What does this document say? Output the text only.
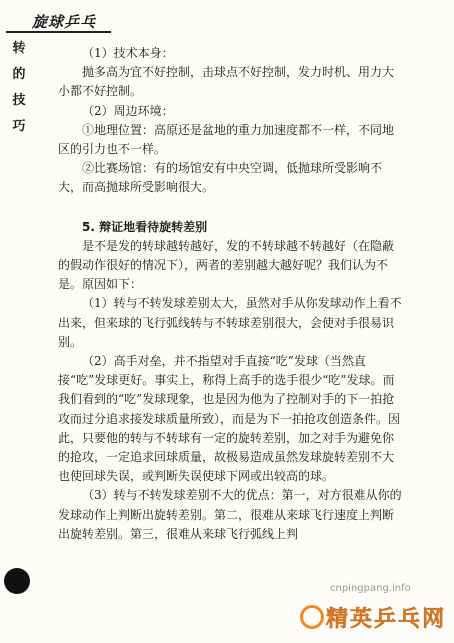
旋球乒乓
转
的
技
巧

（1）技术本身：

抛多高为宜不好控制，击球点不好控制，发力时机、用力大小都不好控制。

（2）周边环境：

①地理位置：高原还是盆地的重力加速度都不一样，不同地区的引力也不一样。

②比赛场馆：有的场馆安有中央空调，低抛球所受影响不大，而高抛球所受影响很大。

5. 辩证地看待旋转差别

是不是发的转球越转越好，发的不转球越不转越好（在隐蔽的假动作很好的情况下），两者的差别越大越好呢？我们认为不是。原因如下：

（1）转与不转发球差别太大，虽然对手从你发球动作上看不出来，但来球的飞行弧线转与不转球差别很大，会使对手很易识别。

（2）高手对垒，并不指望对手直接“吃”发球（当然直接“吃”发球更好。事实上，称得上高手的选手很少“吃”发球。而我们看到的“吃”发球现象，也是因为他为了控制对手的下一拍抢攻而过分追求接发球质量所致），而是为下一拍抢攻创造条件。因此，只要他的转与不转球有一定的旋转差别，加之对手为避免你的抢攻，一定追求回球质量，故极易造成虽然发球旋转差别不大也使回球失误，或判断失误使球下网或出较高的球。

（3）转与不转发球差别不大的优点：第一，对方很难从你的发球动作上判断出旋转差别。第二，很难从来球飞行速度上判断出旋转差别。第三，很难从来球飞行弧线上判

cnpingpang.info
精 英 乒 乓 网
